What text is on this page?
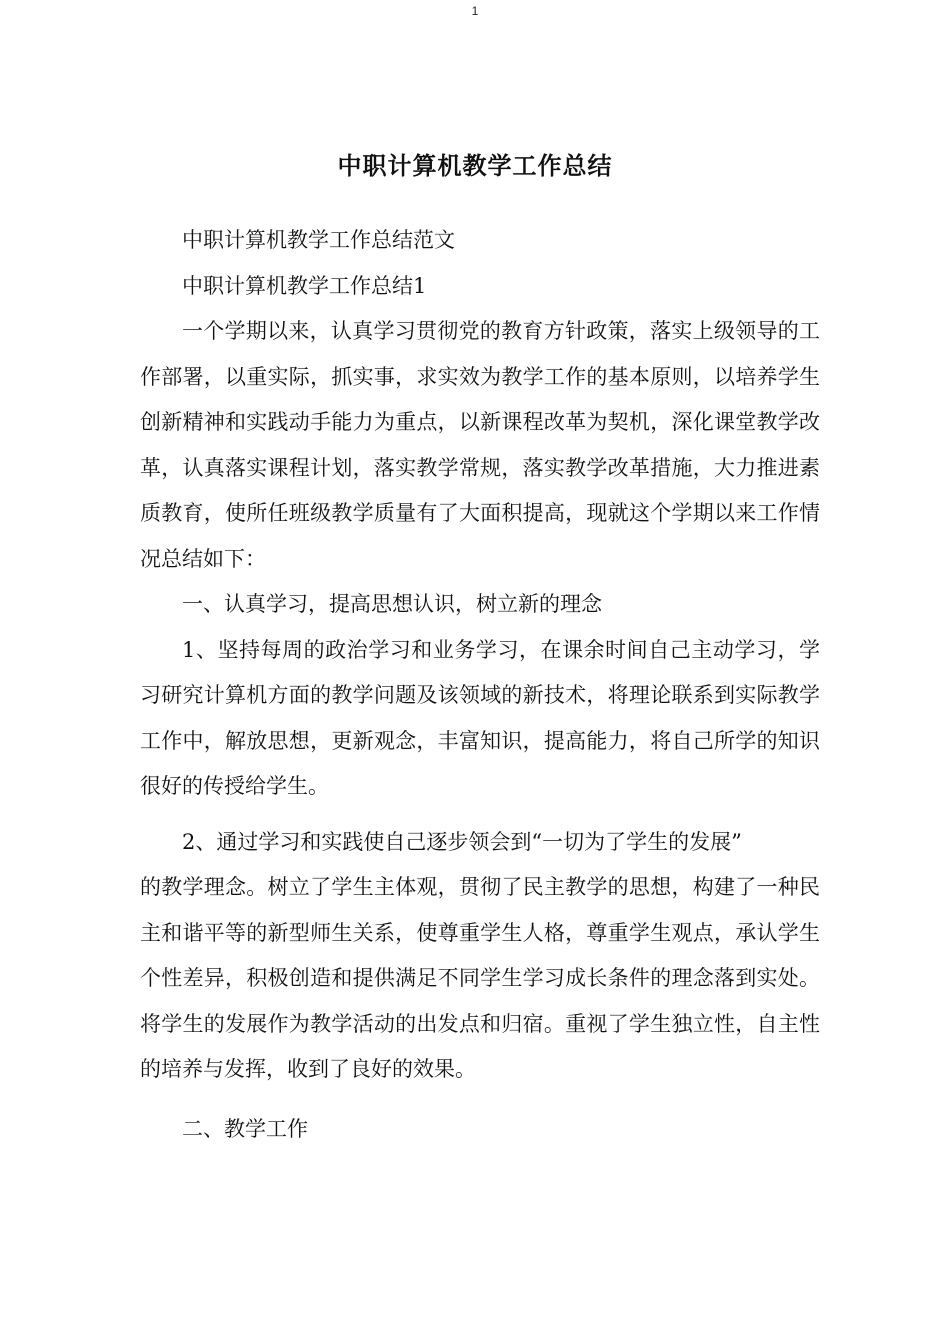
1
中职计算机教学工作总结

中职计算机教学工作总结范文

中职计算机教学工作总结1

一个学期以来，认真学习贯彻党的教育方针政策，落实上级领导的工作部署，以重实际，抓实事，求实效为教学工作的基本原则，以培养学生创新精神和实践动手能力为重点，以新课程改革为契机，深化课堂教学改革，认真落实课程计划，落实教学常规，落实教学改革措施，大力推进素质教育，使所任班级教学质量有了大面积提高，现就这个学期以来工作情况总结如下：

一、认真学习，提高思想认识，树立新的理念

1、坚持每周的政治学习和业务学习，在课余时间自己主动学习，学习研究计算机方面的教学问题及该领域的新技术，将理论联系到实际教学工作中，解放思想，更新观念，丰富知识，提高能力，将自己所学的知识很好的传授给学生。

2、通过学习和实践使自己逐步领会到“一切为了学生的发展”

的教学理念。树立了学生主体观，贯彻了民主教学的思想，构建了一种民主和谐平等的新型师生关系，使尊重学生人格，尊重学生观点，承认学生个性差异，积极创造和提供满足不同学生学习成长条件的理念落到实处。将学生的发展作为教学活动的出发点和归宿。重视了学生独立性，自主性的培养与发挥，收到了良好的效果。

二、教学工作
